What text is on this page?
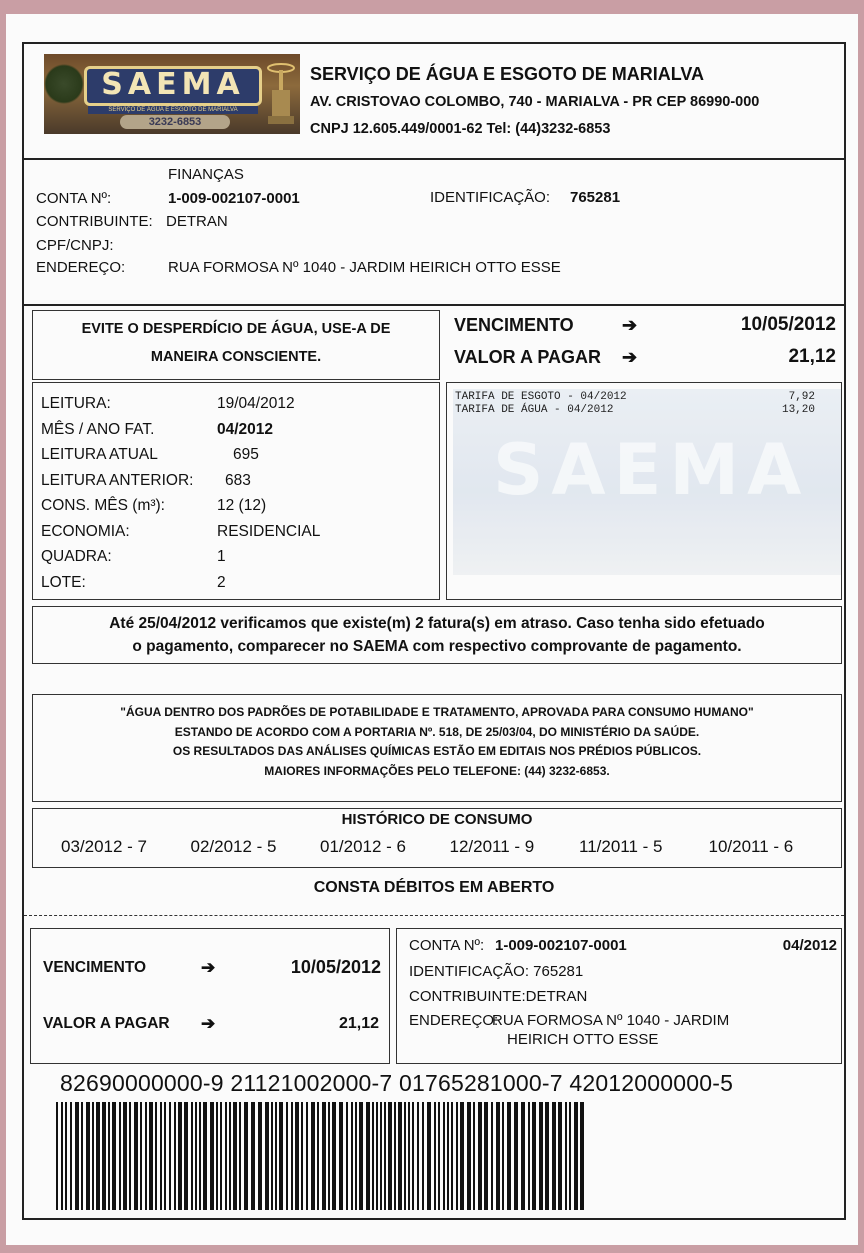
SAEMA
SERVIÇO DE ÁGUA E ESGOTO DE MARIALVA
3232-6853
SERVIÇO DE ÁGUA E ESGOTO DE MARIALVA
AV. CRISTOVAO COLOMBO, 740 - MARIALVA - PR CEP 86990-000
CNPJ 12.605.449/0001-62 Tel: (44)3232-6853
FINANÇAS
CONTA Nº:	1-009-002107-0001	IDENTIFICAÇÃO: 765281
CONTRIBUINTE: DETRAN
CPF/CNPJ:
ENDEREÇO:	RUA FORMOSA Nº 1040 - JARDIM HEIRICH OTTO ESSE
EVITE O DESPERDÍCIO DE ÁGUA, USE-A DE
MANEIRA CONSCIENTE.
VENCIMENTO	➔	10/05/2012
VALOR A PAGAR ➔	21,12
LEITURA:	19/04/2012
MÊS / ANO FAT.	04/2012
LEITURA ATUAL	695
LEITURA ANTERIOR: 683
CONS. MÊS (m³):	12 (12)
ECONOMIA:	RESIDENCIAL
QUADRA:	1
LOTE:	2
SAEMA
TARIFA DE ESGOTO - 04/2012	7,92
TARIFA DE ÁGUA - 04/2012	13,20
Até 25/04/2012 verificamos que existe(m) 2 fatura(s) em atraso. Caso tenha sido efetuado
o pagamento, comparecer no SAEMA com respectivo comprovante de pagamento.
"ÁGUA DENTRO DOS PADRÕES DE POTABILIDADE E TRATAMENTO, APROVADA PARA CONSUMO HUMANO"
ESTANDO DE ACORDO COM A PORTARIA Nº. 518, DE 25/03/04, DO MINISTÉRIO DA SAÚDE.
OS RESULTADOS DAS ANÁLISES QUÍMICAS ESTÃO EM EDITAIS NOS PRÉDIOS PÚBLICOS.
MAIORES INFORMAÇÕES PELO TELEFONE: (44) 3232-6853.
HISTÓRICO DE CONSUMO
03/2012 - 7	02/2012 - 5	01/2012 - 6	12/2011 - 9	11/2011 - 5	10/2011 - 6
CONSTA DÉBITOS EM ABERTO
VENCIMENTO	➔	10/05/2012
VALOR A PAGAR ➔	21,12
CONTA Nº: 1-009-002107-0001	04/2012
IDENTIFICAÇÃO: 765281
CONTRIBUINTE:DETRAN
ENDEREÇO:
RUA FORMOSA Nº 1040 - JARDIM
HEIRICH OTTO ESSE
82690000000-9 21121002000-7 01765281000-7 42012000000-5
